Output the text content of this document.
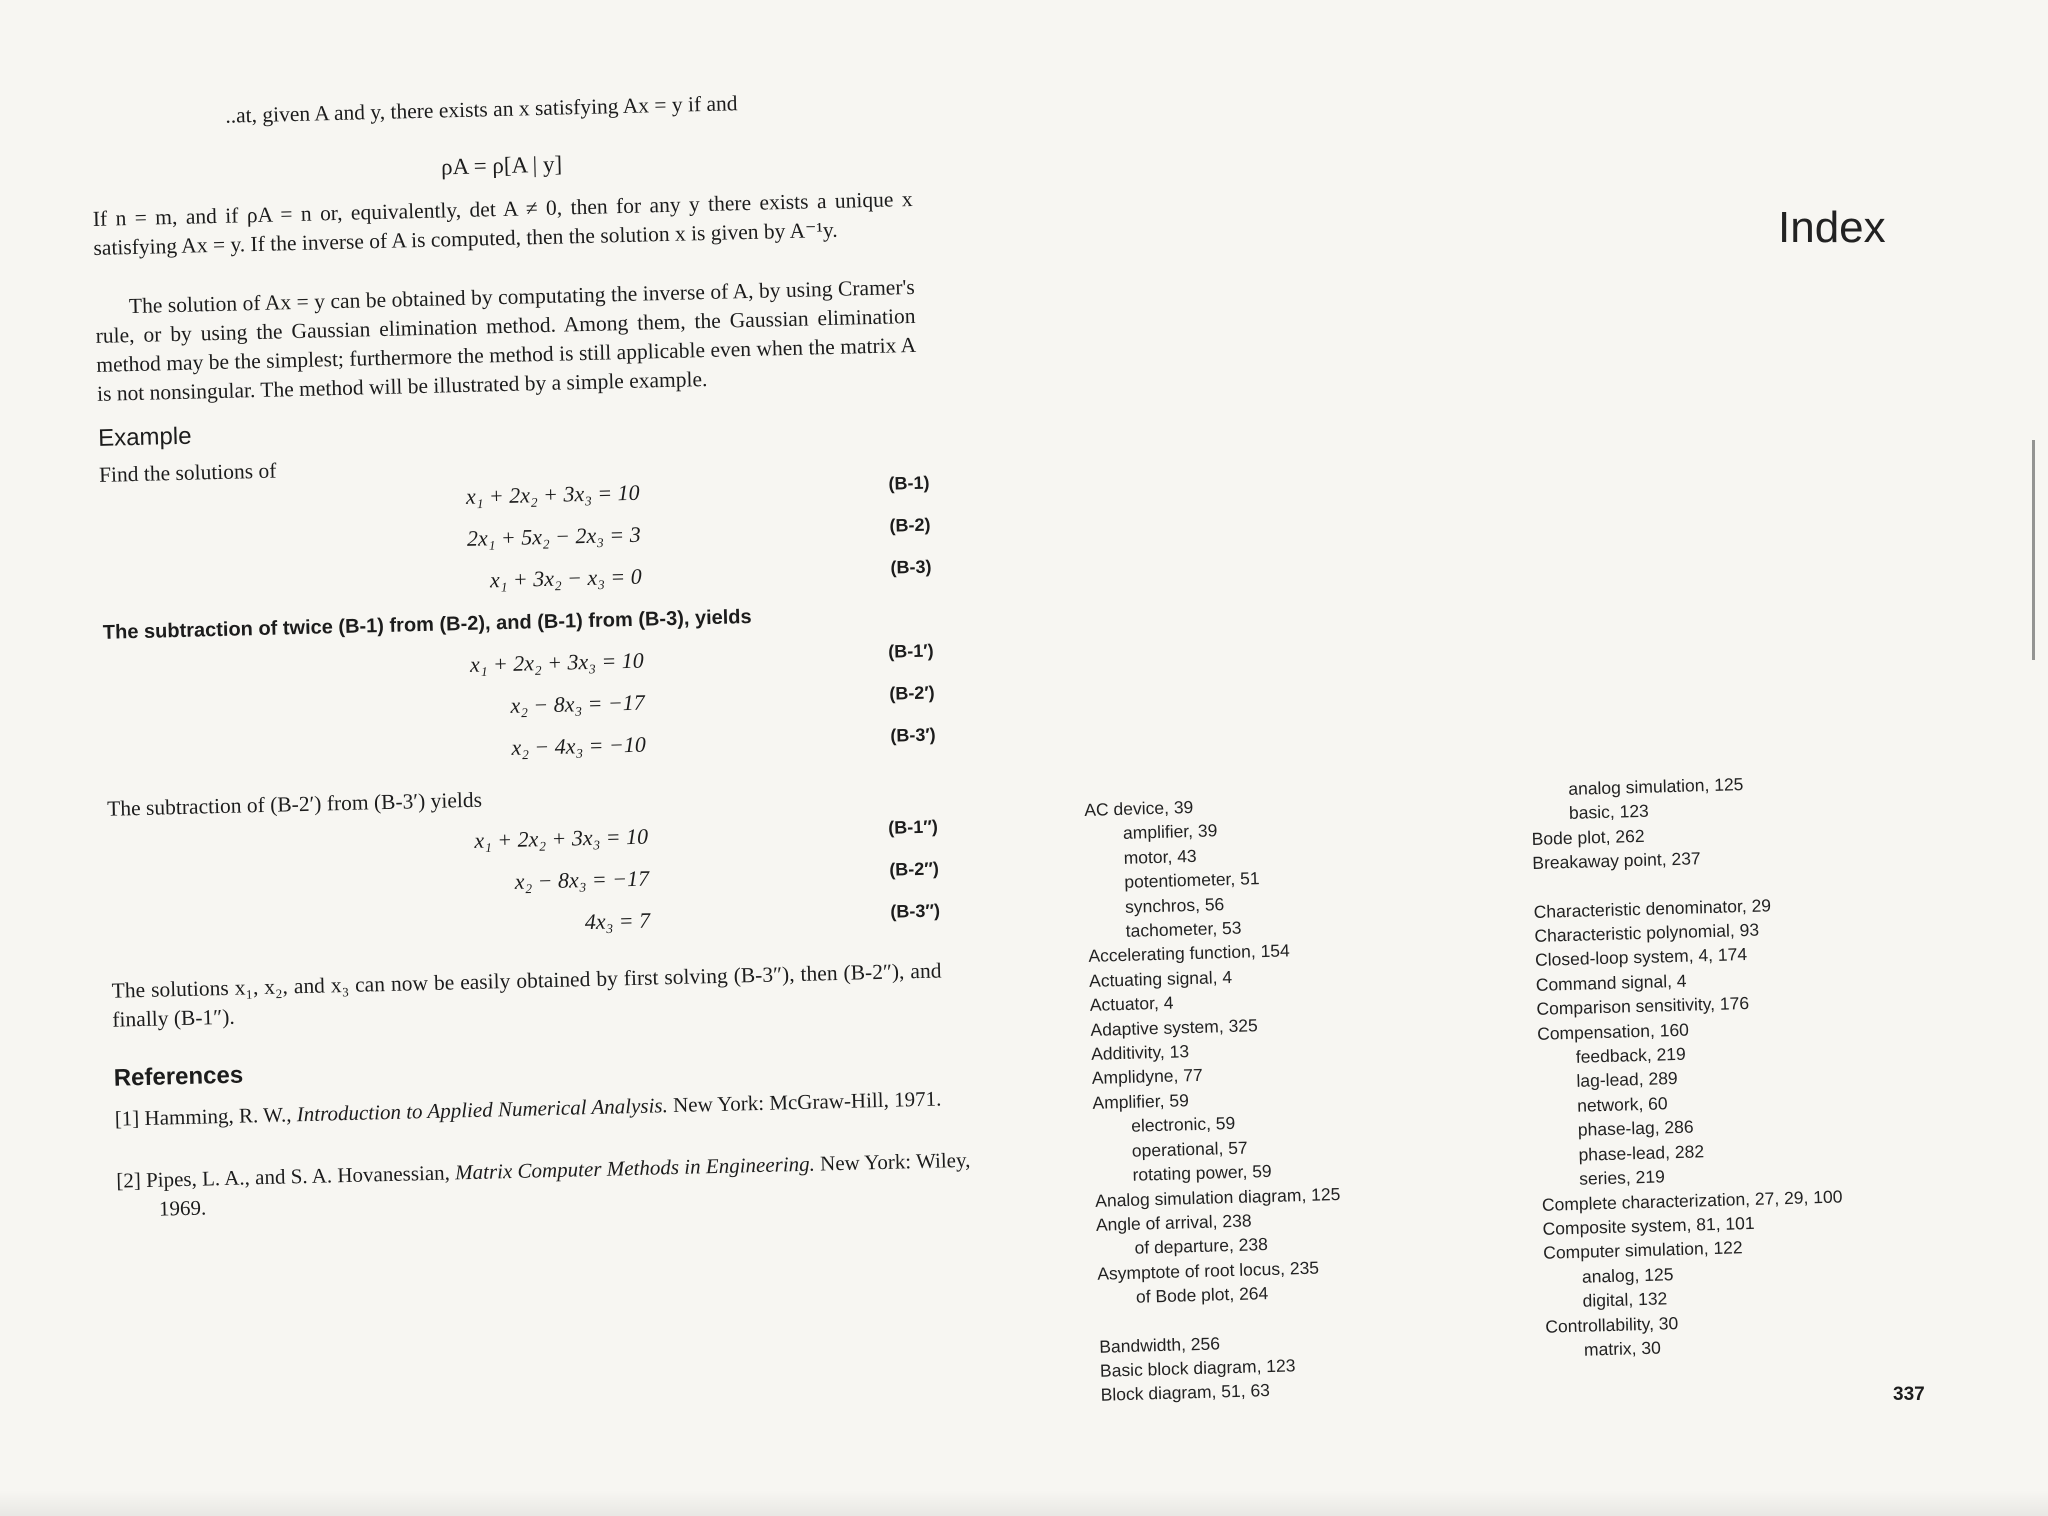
..at, given A and y, there exists an x satisfying Ax = y if and
ρA = ρ[A | y]
If n = m, and if ρA = n or, equivalently, det A ≠ 0, then for any y there exists a unique x satisfying Ax = y. If the inverse of A is computed, then the solution x is given by A⁻¹y.
The solution of Ax = y can be obtained by computating the inverse of A, by using Cramer's rule, or by using the Gaussian elimination method. Among them, the Gaussian elimination method may be the simplest; furthermore the method is still applicable even when the matrix A is not nonsingular. The method will be illustrated by a simple example.
Example
Find the solutions of
x₁ + 2x₂ + 3x₃ = 10	(B-1)
2x₁ + 5x₂ − 2x₃ = 3	(B-2)
x₁ + 3x₂ − x₃ = 0	(B-3)
The subtraction of twice (B-1) from (B-2), and (B-1) from (B-3), yields
x₁ + 2x₂ + 3x₃ = 10	(B-1′)
x₂ − 8x₃ = −17	(B-2′)
x₂ − 4x₃ = −10	(B-3′)
The subtraction of (B-2′) from (B-3′) yields
x₁ + 2x₂ + 3x₃ = 10	(B-1″)
x₂ − 8x₃ = −17	(B-2″)
4x₃ = 7	(B-3″)
The solutions x₁, x₂, and x₃ can now be easily obtained by first solving (B-3″), then (B-2″), and finally (B-1″).
References
[1] Hamming, R. W., Introduction to Applied Numerical Analysis. New York: McGraw-Hill, 1971.
[2] Pipes, L. A., and S. A. Hovanessian, Matrix Computer Methods in Engineering. New York: Wiley, 1969.
Index
AC device, 39
amplifier, 39
motor, 43
potentiometer, 51
synchros, 56
tachometer, 53
Accelerating function, 154
Actuating signal, 4
Actuator, 4
Adaptive system, 325
Additivity, 13
Amplidyne, 77
Amplifier, 59
electronic, 59
operational, 57
rotating power, 59
Analog simulation diagram, 125
Angle of arrival, 238
of departure, 238
Asymptote of root locus, 235
of Bode plot, 264
Bandwidth, 256
Basic block diagram, 123
Block diagram, 51, 63
analog simulation, 125
basic, 123
Bode plot, 262
Breakaway point, 237
Characteristic denominator, 29
Characteristic polynomial, 93
Closed-loop system, 4, 174
Command signal, 4
Comparison sensitivity, 176
Compensation, 160
feedback, 219
lag-lead, 289
network, 60
phase-lag, 286
phase-lead, 282
series, 219
Complete characterization, 27, 29, 100
Composite system, 81, 101
Computer simulation, 122
analog, 125
digital, 132
Controllability, 30
matrix, 30
337
